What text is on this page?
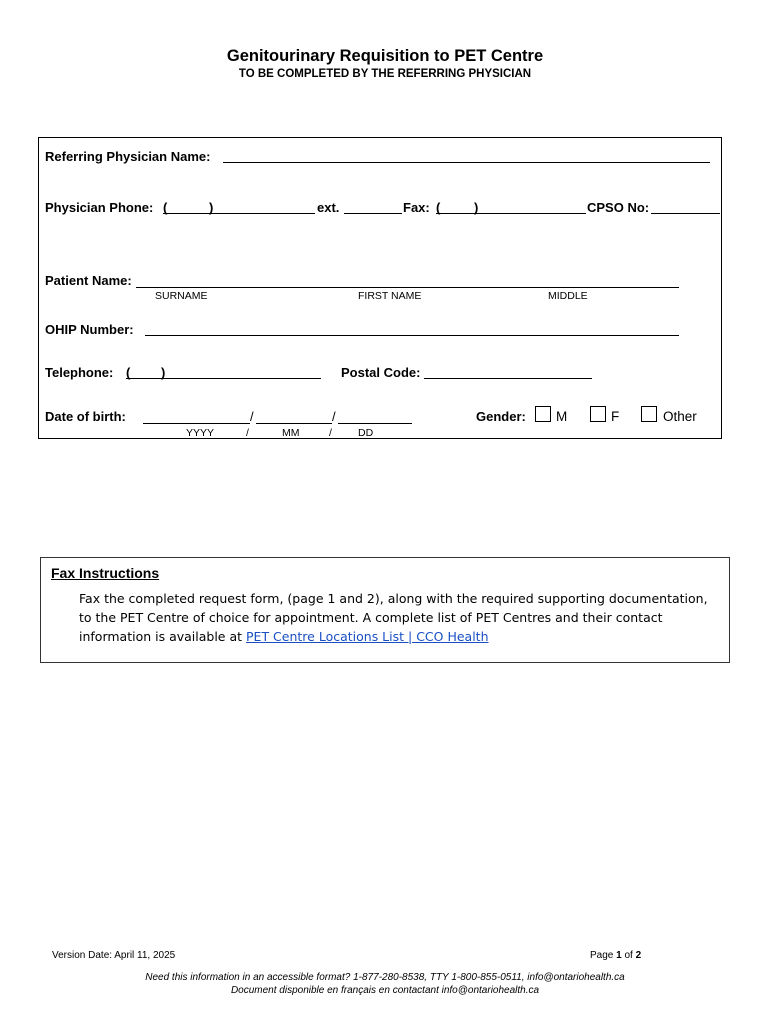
Genitourinary Requisition to PET Centre
TO BE COMPLETED BY THE REFERRING PHYSICIAN
Referring Physician Name:
Physician Phone: (	)	ext.	Fax: (	)	CPSO No:
Patient Name:
SURNAME	FIRST NAME	MIDDLE
OHIP Number:
Telephone: ( )	Postal Code:
Date of birth:	/	/
YYYY	/	MM	/ DD
Gender: M	F	Other
Fax Instructions
Fax the completed request form, (page 1 and 2), along with the required supporting documentation, to the PET Centre of choice for appointment. A complete list of PET Centres and their contact information is available at PET Centre Locations List | CCO Health
Version Date: April 11, 2025	Page 1 of 2
Need this information in an accessible format? 1-877-280-8538, TTY 1-800-855-0511, info@ontariohealth.ca
Document disponible en français en contactant info@ontariohealth.ca
